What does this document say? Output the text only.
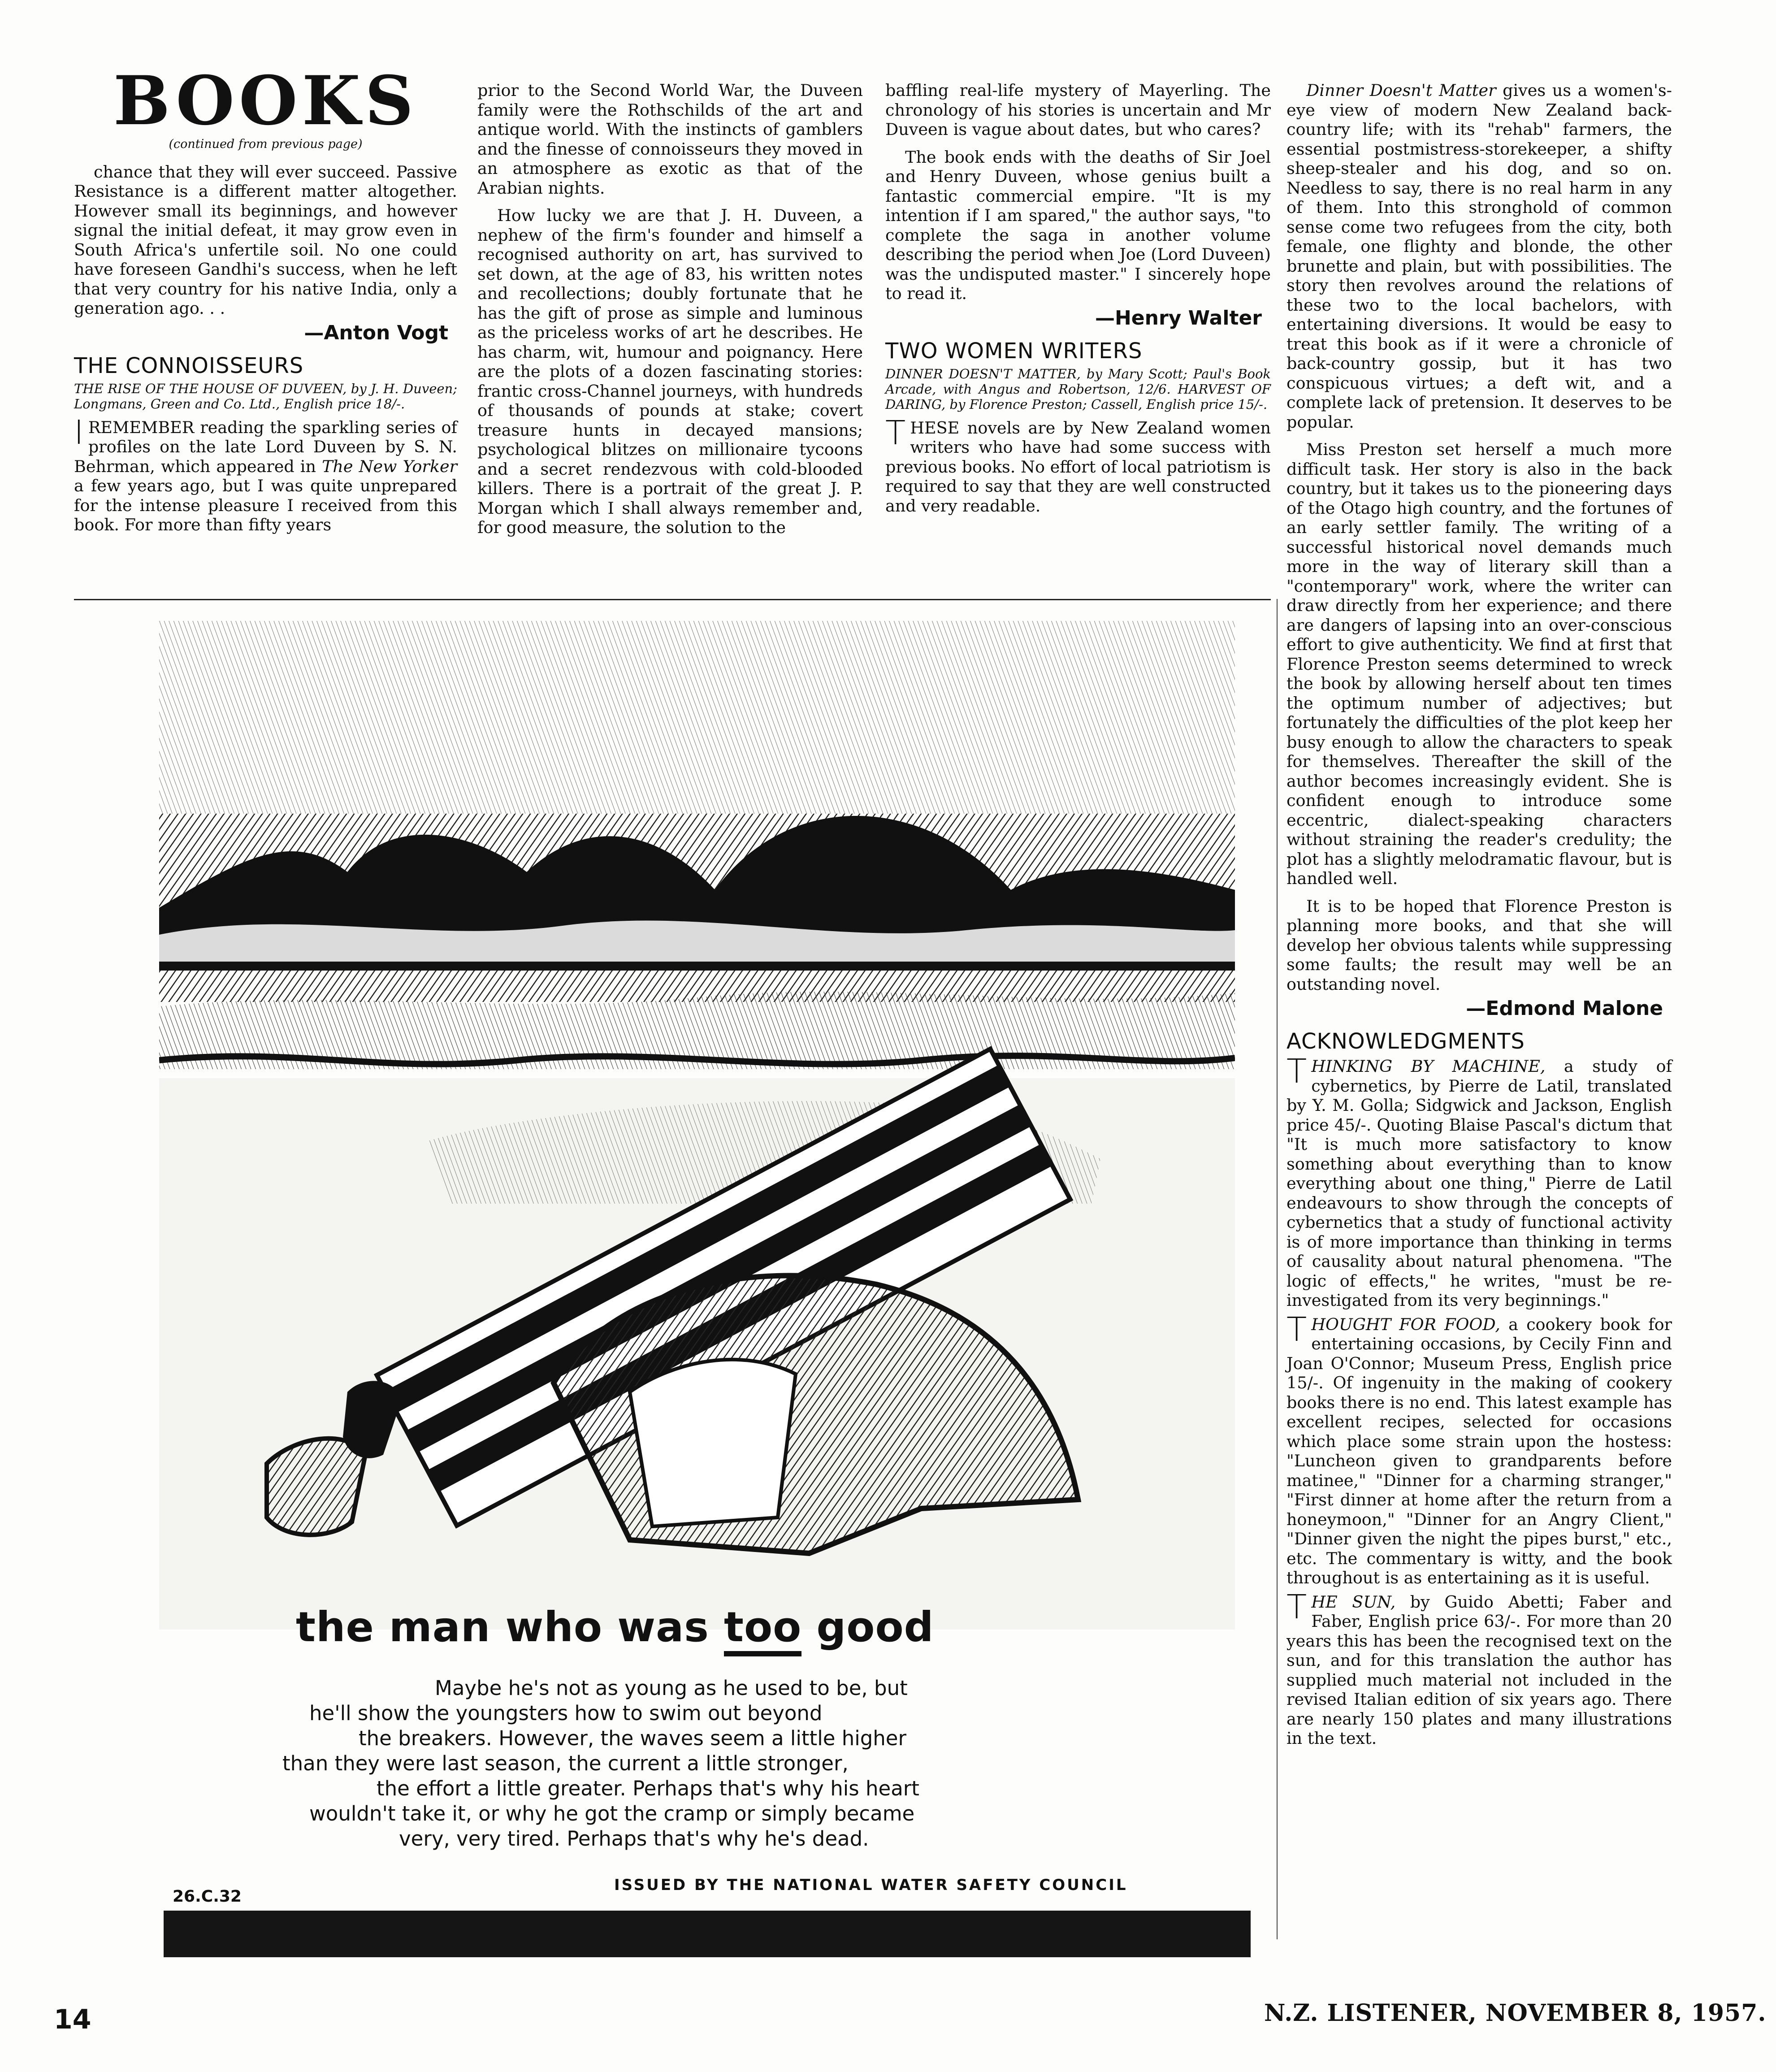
BOOKS

(continued from previous page)

chance that they will ever succeed. Passive Resistance is a different matter altogether. However small its beginnings, and however signal the initial defeat, it may grow even in South Africa's unfertile soil. No one could have foreseen Gandhi's success, when he left that very country for his native India, only a generation ago. . .

—Anton Vogt
THE CONNOISSEURS
THE RISE OF THE HOUSE OF DUVEEN, by J. H. Duveen; Longmans, Green and Co. Ltd., English price 18/-.

IREMEMBER reading the sparkling series of profiles on the late Lord Duveen by S. N. Behrman, which appeared in The New Yorker a few years ago, but I was quite unprepared for the intense pleasure I received from this book. For more than fifty years

prior to the Second World War, the Duveen family were the Rothschilds of the art and antique world. With the instincts of gamblers and the finesse of connoisseurs they moved in an atmosphere as exotic as that of the Arabian nights.

How lucky we are that J. H. Duveen, a nephew of the firm's founder and himself a recognised authority on art, has survived to set down, at the age of 83, his written notes and recollections; doubly fortunate that he has the gift of prose as simple and luminous as the priceless works of art he describes. He has charm, wit, humour and poignancy. Here are the plots of a dozen fascinating stories: frantic cross-Channel journeys, with hundreds of thousands of pounds at stake; covert treasure hunts in decayed mansions; psychological blitzes on millionaire tycoons and a secret rendezvous with cold-blooded killers. There is a portrait of the great J. P. Morgan which I shall always remember and, for good measure, the solution to the

baffling real-life mystery of Mayerling. The chronology of his stories is uncertain and Mr Duveen is vague about dates, but who cares?

The book ends with the deaths of Sir Joel and Henry Duveen, whose genius built a fantastic commercial empire. "It is my intention if I am spared," the author says, "to complete the saga in another volume describing the period when Joe (Lord Duveen) was the undisputed master." I sincerely hope to read it.

—Henry Walter
TWO WOMEN WRITERS
DINNER DOESN'T MATTER, by Mary Scott; Paul's Book Arcade, with Angus and Robertson, 12/6. HARVEST OF DARING, by Florence Preston; Cassell, English price 15/-.

THESE novels are by New Zealand women writers who have had some success with previous books. No effort of local patriotism is required to say that they are well constructed and very readable.

Dinner Doesn't Matter gives us a women's-eye view of modern New Zealand back-country life; with its "rehab" farmers, the essential postmistress-storekeeper, a shifty sheep-stealer and his dog, and so on. Needless to say, there is no real harm in any of them. Into this stronghold of common sense come two refugees from the city, both female, one flighty and blonde, the other brunette and plain, but with possibilities. The story then revolves around the relations of these two to the local bachelors, with entertaining diversions. It would be easy to treat this book as if it were a chronicle of back-country gossip, but it has two conspicuous virtues; a deft wit, and a complete lack of pretension. It deserves to be popular.

Miss Preston set herself a much more difficult task. Her story is also in the back country, but it takes us to the pioneering days of the Otago high country, and the fortunes of an early settler family. The writing of a successful historical novel demands much more in the way of literary skill than a "contemporary" work, where the writer can draw directly from her experience; and there are dangers of lapsing into an over-conscious effort to give authenticity. We find at first that Florence Preston seems determined to wreck the book by allowing herself about ten times the optimum number of adjectives; but fortunately the difficulties of the plot keep her busy enough to allow the characters to speak for themselves. Thereafter the skill of the author becomes increasingly evident. She is confident enough to introduce some eccentric, dialect-speaking characters without straining the reader's credulity; the plot has a slightly melodramatic flavour, but is handled well.

It is to be hoped that Florence Preston is planning more books, and that she will develop her obvious talents while suppressing some faults; the result may well be an outstanding novel.

—Edmond Malone
ACKNOWLEDGMENTS

THINKING BY MACHINE, a study of cybernetics, by Pierre de Latil, translated by Y. M. Golla; Sidgwick and Jackson, English price 45/-. Quoting Blaise Pascal's dictum that "It is much more satisfactory to know something about everything than to know everything about one thing," Pierre de Latil endeavours to show through the concepts of cybernetics that a study of functional activity is of more importance than thinking in terms of causality about natural phenomena. "The logic of effects," he writes, "must be re-investigated from its very beginnings."

THOUGHT FOR FOOD, a cookery book for entertaining occasions, by Cecily Finn and Joan O'Connor; Museum Press, English price 15/-. Of ingenuity in the making of cookery books there is no end. This latest example has excellent recipes, selected for occasions which place some strain upon the hostess: "Luncheon given to grandparents before matinee," "Dinner for a charming stranger," "First dinner at home after the return from a honeymoon," "Dinner for an Angry Client," "Dinner given the night the pipes burst," etc., etc. The commentary is witty, and the book throughout is as entertaining as it is useful.

THE SUN, by Guido Abetti; Faber and Faber, English price 63/-. For more than 20 years this has been the recognised text on the sun, and for this translation the author has supplied much material not included in the revised Italian edition of six years ago. There are nearly 150 plates and many illustrations in the text.

the man who was too good
Maybe he's not as young as he used to be, but
he'll show the youngsters how to swim out beyond
the breakers. However, the waves seem a little higher
than they were last season, the current a little stronger,
the effort a little greater. Perhaps that's why his heart
wouldn't take it, or why he got the cramp or simply became
very, very tired. Perhaps that's why he's dead.
26.C.32
ISSUED BY THE NATIONAL WATER SAFETY COUNCIL
14	N.Z. LISTENER, NOVEMBER 8, 1957.
